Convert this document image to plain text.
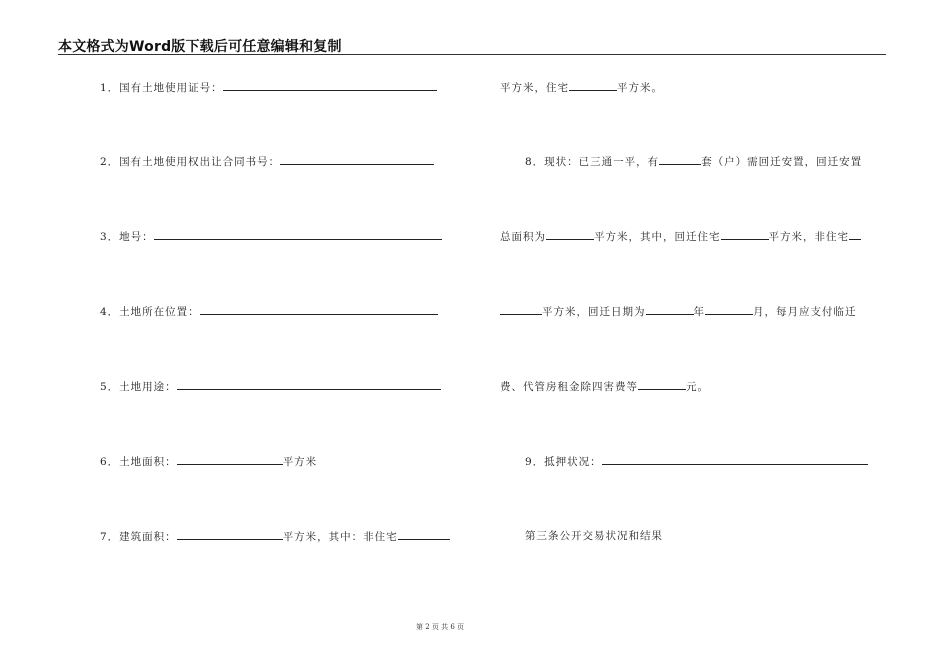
本文格式为Word版下载后可任意编辑和复制
1．国有土地使用证号：
2．国有土地使用权出让合同书号：
3．地号：
4．土地所在位置：
5．土地用途：
6．土地面积：	平方米
7．建筑面积：	平方米，其中：非住宅
平方米，住宅	平方米。
8．现状：已三通一平，有	套（户）需回迁安置，回迁安置
总面积为	平方米，其中，回迁住宅	平方米，非住宅
平方米，回迁日期为	年	月，每月应支付临迁
费、代管房租金除四害费等	元。
9．抵押状况：
第三条公开交易状况和结果
第 2 页 共 6 页
